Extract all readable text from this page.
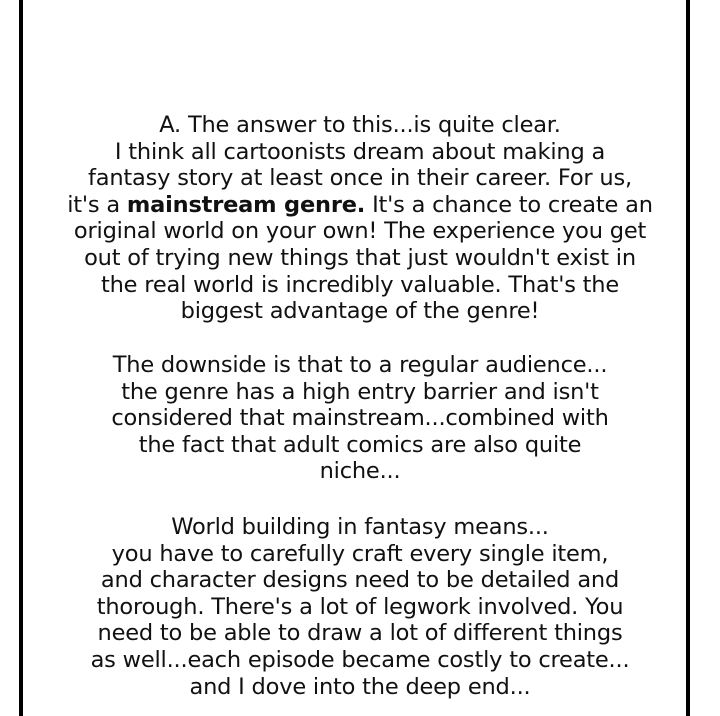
A. The answer to this...is quite clear.
I think all cartoonists dream about making a
fantasy story at least once in their career. For us,
it's a mainstream genre. It's a chance to create an
original world on your own! The experience you get
out of trying new things that just wouldn't exist in
the real world is incredibly valuable. That's the
biggest advantage of the genre!
The downside is that to a regular audience...
the genre has a high entry barrier and isn't
considered that mainstream...combined with
the fact that adult comics are also quite
niche...
World building in fantasy means...
you have to carefully craft every single item,
and character designs need to be detailed and
thorough. There's a lot of legwork involved. You
need to be able to draw a lot of different things
as well...each episode became costly to create...
and I dove into the deep end...
